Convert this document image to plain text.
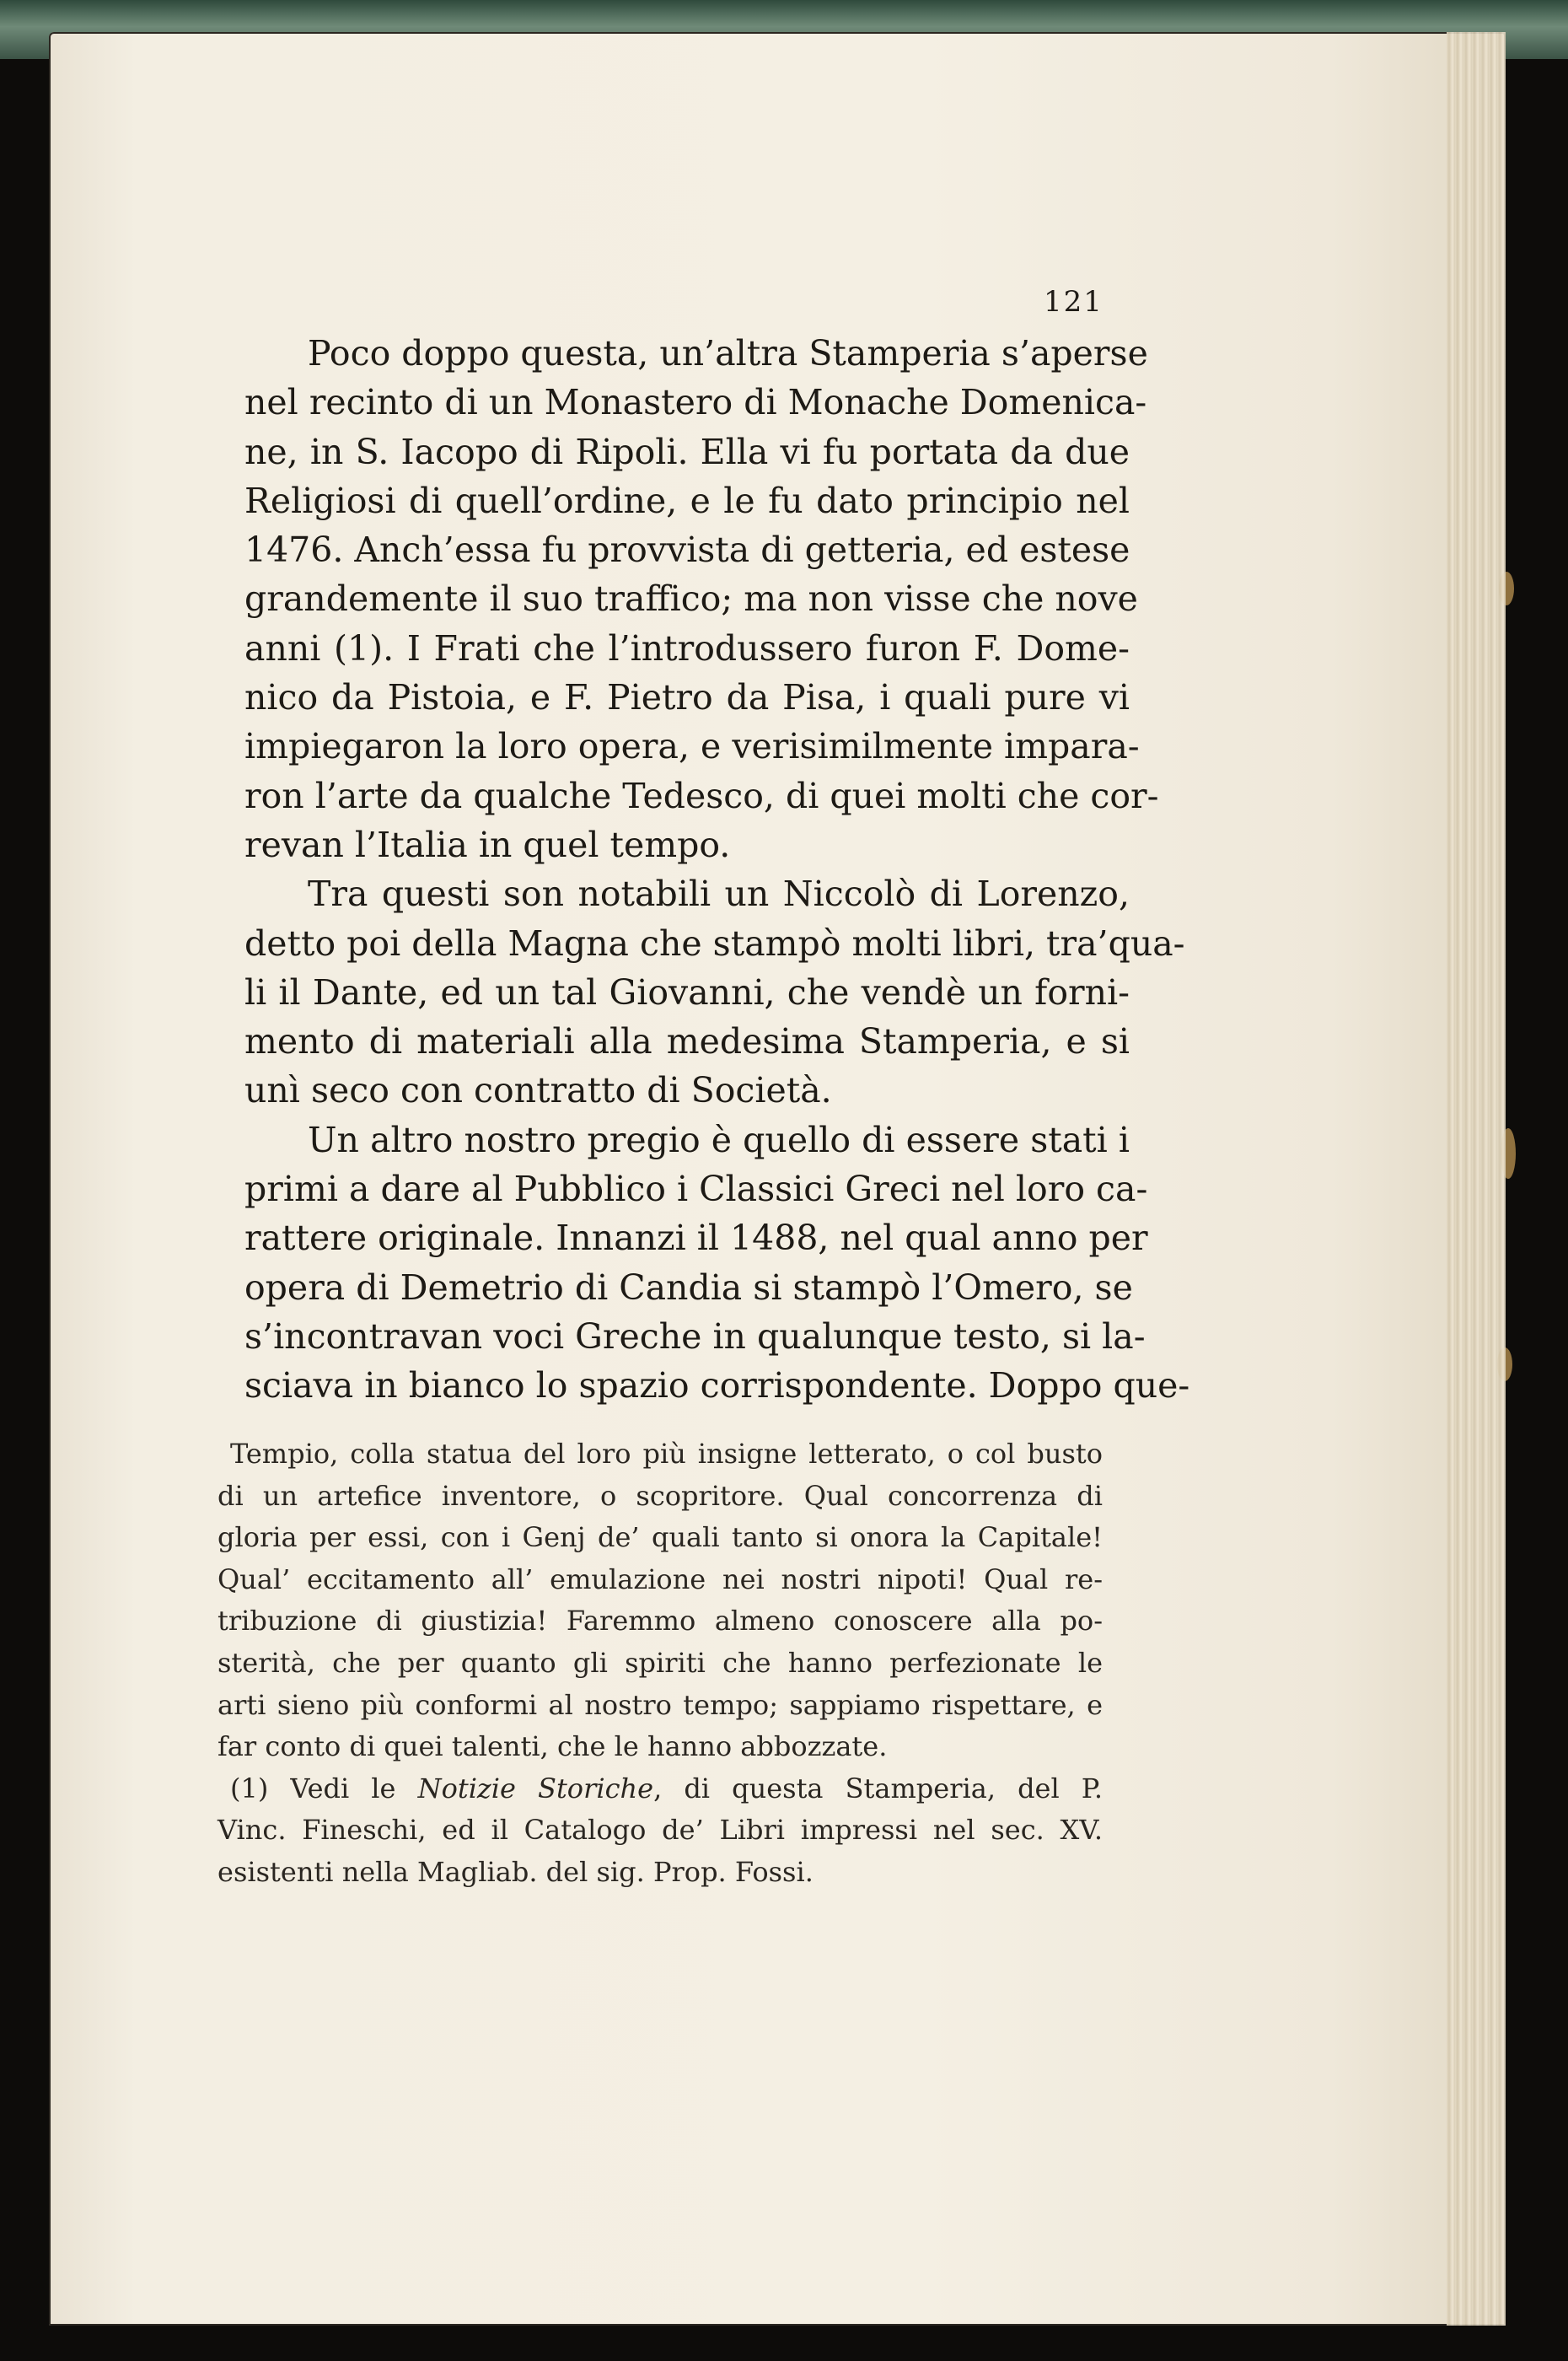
121
Poco doppo questa, un’altra Stamperia s’aperse
nel recinto di un Monastero di Monache Domenica-
ne, in S. Iacopo di Ripoli. Ella vi fu portata da due
Religiosi di quell’ordine, e le fu dato principio nel
1476. Anch’essa fu provvista di getteria, ed estese
grandemente il suo traffico; ma non visse che nove
anni (1). I Frati che l’introdussero furon F. Dome-
nico da Pistoia, e F. Pietro da Pisa, i quali pure vi
impiegaron la loro opera, e verisimilmente impara-
ron l’arte da qualche Tedesco, di quei molti che cor-
revan l’Italia in quel tempo.
Tra questi son notabili un Niccolò di Lorenzo,
detto poi della Magna che stampò molti libri, tra’qua-
li il Dante, ed un tal Giovanni, che vendè un forni-
mento di materiali alla medesima Stamperia, e si
unì seco con contratto di Società.
Un altro nostro pregio è quello di essere stati i
primi a dare al Pubblico i Classici Greci nel loro ca-
rattere originale. Innanzi il 1488, nel qual anno per
opera di Demetrio di Candia si stampò l’Omero, se
s’incontravan voci Greche in qualunque testo, si la-
sciava in bianco lo spazio corrispondente. Doppo que-
Tempio, colla statua del loro più insigne letterato, o col busto
di un artefice inventore, o scopritore. Qual concorrenza di
gloria per essi, con i Genj de’ quali tanto si onora la Capitale!
Qual’ eccitamento all’ emulazione nei nostri nipoti! Qual re-
tribuzione di giustizia! Faremmo almeno conoscere alla po-
sterità, che per quanto gli spiriti che hanno perfezionate le
arti sieno più conformi al nostro tempo; sappiamo rispettare, e
far conto di quei talenti, che le hanno abbozzate.
(1) Vedi le Notizie Storiche, di questa Stamperia, del P.
Vinc. Fineschi, ed il Catalogo de’ Libri impressi nel sec. XV.
esistenti nella Magliab. del sig. Prop. Fossi.
